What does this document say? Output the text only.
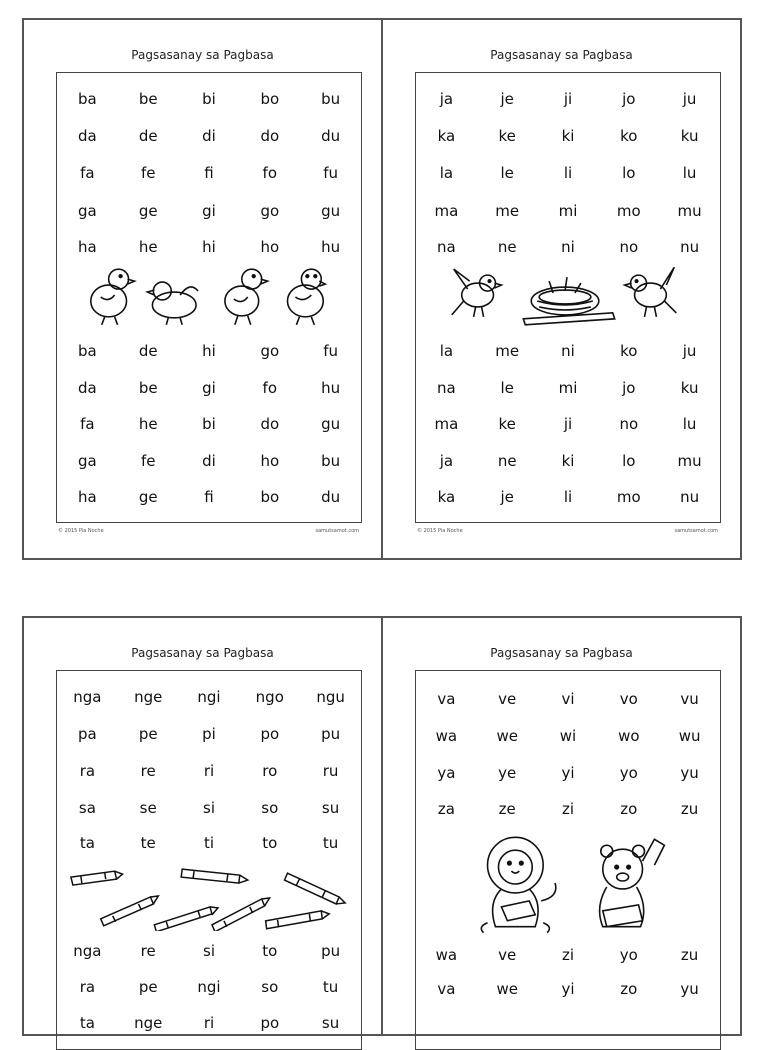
Pagsasanay sa Pagbasa
ba	be	bi	bo	bu
da	de	di	do	du
fa	fe	fi	fo	fu
ga	ge	gi	go	gu
ha	he	hi	ho	hu
ba	de	hi	go	fu
da	be	gi	fo	hu
fa	he	bi	do	gu
ga	fe	di	ho	bu
ha	ge	fi	bo	du
© 2015 Pia Noche	samutsamot.com
Pagsasanay sa Pagbasa
ja	je	ji	jo	ju
ka	ke	ki	ko	ku
la	le	li	lo	lu
ma	me	mi	mo	mu
na	ne	ni	no	nu
la	me	ni	ko	ju
na	le	mi	jo	ku
ma	ke	ji	no	lu
ja	ne	ki	lo	mu
ka	je	li	mo	nu
© 2015 Pia Noche	samutsamot.com
Pagsasanay sa Pagbasa
nga	nge	ngi	ngo	ngu
pa	pe	pi	po	pu
ra	re	ri	ro	ru
sa	se	si	so	su
ta	te	ti	to	tu
nga	re	si	to	pu
ra	pe	ngi	so	tu
ta	nge	ri	po	su
Pagsasanay sa Pagbasa
va	ve	vi	vo	vu
wa	we	wi	wo	wu
ya	ye	yi	yo	yu
za	ze	zi	zo	zu
wa	ve	zi	yo	zu
va	we	yi	zo	yu
